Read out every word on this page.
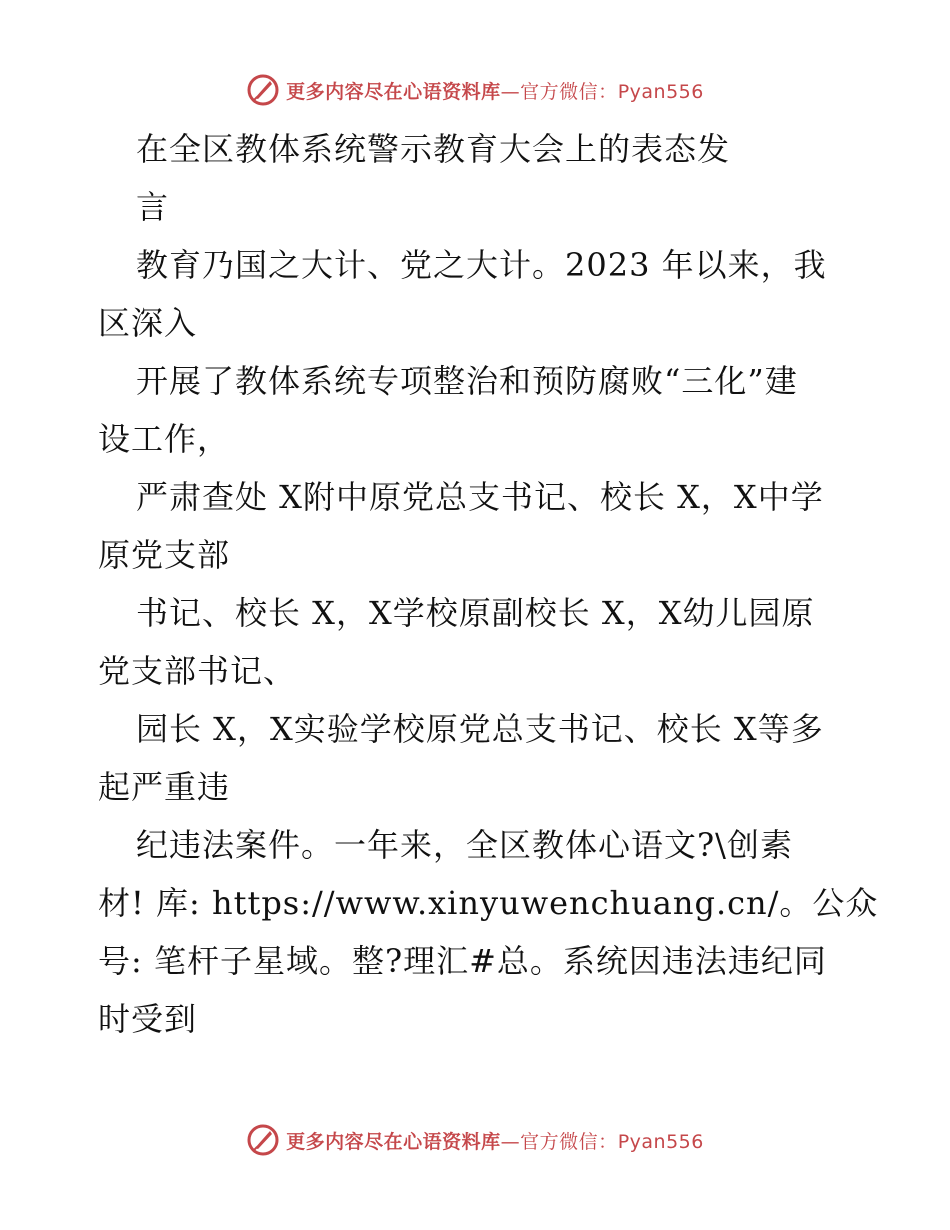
更多内容尽在心语资料库—官方微信：Pyan556
在全区教体系统警示教育大会上的表态发
言
教育乃国之大计、党之大计。2023 年以来，我
区深入
开展了教体系统专项整治和预防腐败“三化”建
设工作，
严肃查处 X附中原党总支书记、校长 X，X中学
原党支部
书记、校长 X，X学校原副校长 X，X幼儿园原
党支部书记、
园长 X，X实验学校原党总支书记、校长 X等多
起严重违
纪违法案件。一年来，全区教体心语文?\创素
材! 库: https://www.xinyuwenchuang.cn/。公众
号: 笔杆子星域。整?理汇#总。系统因违法违纪同
时受到
更多内容尽在心语资料库—官方微信：Pyan556
